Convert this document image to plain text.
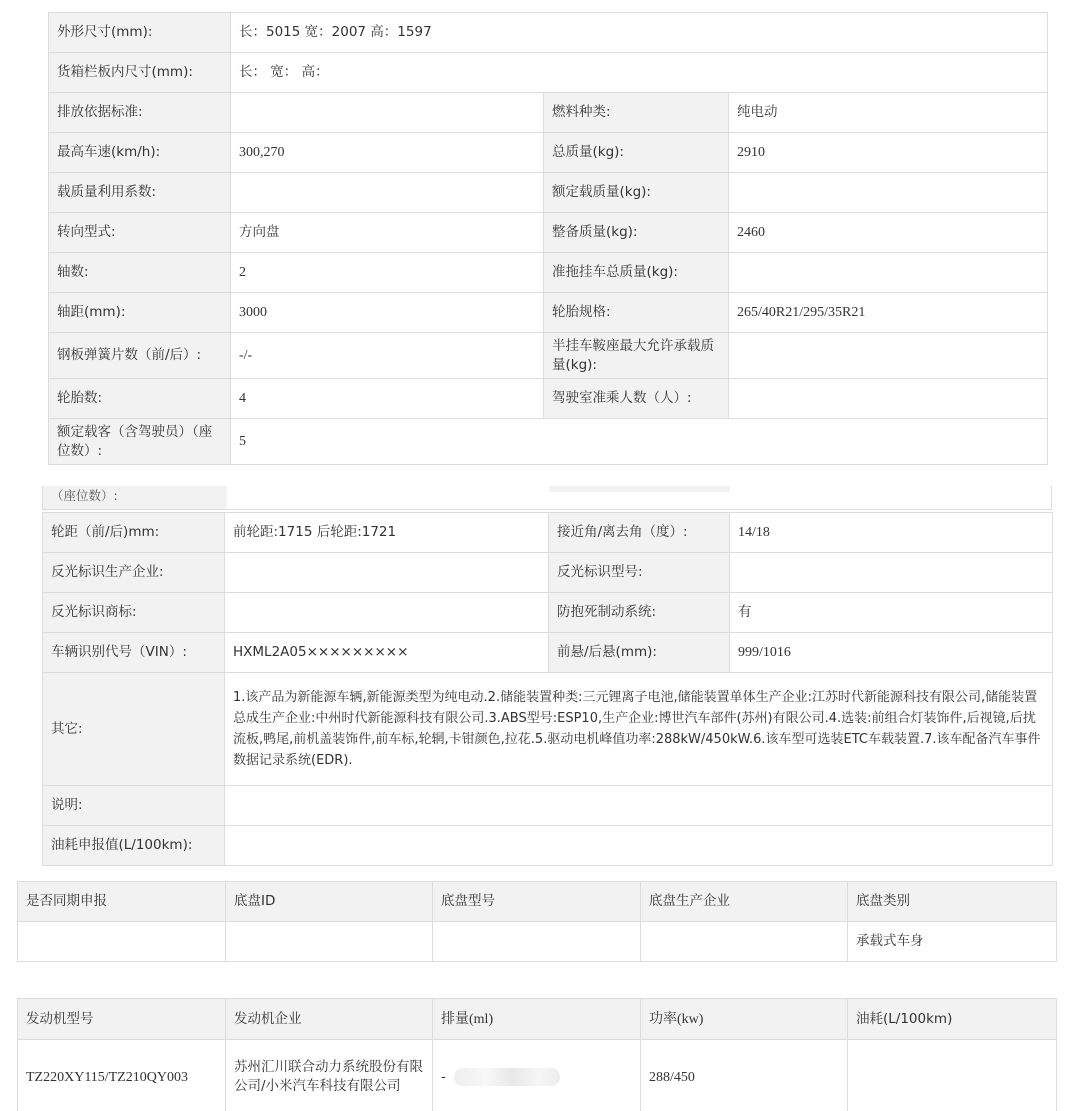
外形尺寸(mm):	长：5015 宽：2007 高：1597		
货箱栏板内尺寸(mm):	长： 宽： 高：		
排放依据标准:		燃料种类:	纯电动
最高车速(km/h):	300,270	总质量(kg):	2910
载质量利用系数:		额定载质量(kg):	
转向型式:	方向盘	整备质量(kg):	2460
轴数:	2	准拖挂车总质量(kg):	
轴距(mm):	3000	轮胎规格:	265/40R21/295/35R21
钢板弹簧片数（前/后）:	-/-	半挂车鞍座最大允许承载质量(kg):	
轮胎数:	4	驾驶室准乘人数（人）:	
额定载客（含驾驶员）（座位数）:	5		
（座位数）:
轮距（前/后)mm:	前轮距:1715 后轮距:1721	接近角/离去角（度）:	14/18
反光标识生产企业:		反光标识型号:	
反光标识商标:		防抱死制动系统:	有
车辆识别代号（VIN）:	HXML2A05×××××××××	前悬/后悬(mm):	999/1016
其它:	1.该产品为新能源车辆,新能源类型为纯电动.2.储能装置种类:三元锂离子电池,储能装置单体生产企业:江苏时代新能源科技有限公司,储能装置总成生产企业:中州时代新能源科技有限公司.3.ABS型号:ESP10,生产企业:博世汽车部件(苏州)有限公司.4.选装:前组合灯装饰件,后视镜,后扰流板,鸭尾,前机盖装饰件,前车标,轮辋,卡钳颜色,拉花.5.驱动电机峰值功率:288kW/450kW.6.该车型可选装ETC车载装置.7.该车配备汽车事件数据记录系统(EDR).		
说明:			
油耗申报值(L/100km):			
是否同期申报	底盘ID	底盘型号	底盘生产企业	底盘类别
				承载式车身
发动机型号	发动机企业	排量(ml)	功率(kw)	油耗(L/100km)
TZ220XY115/TZ210QY003	苏州汇川联合动力系统股份有限公司/小米汽车科技有限公司	-	288/450	
